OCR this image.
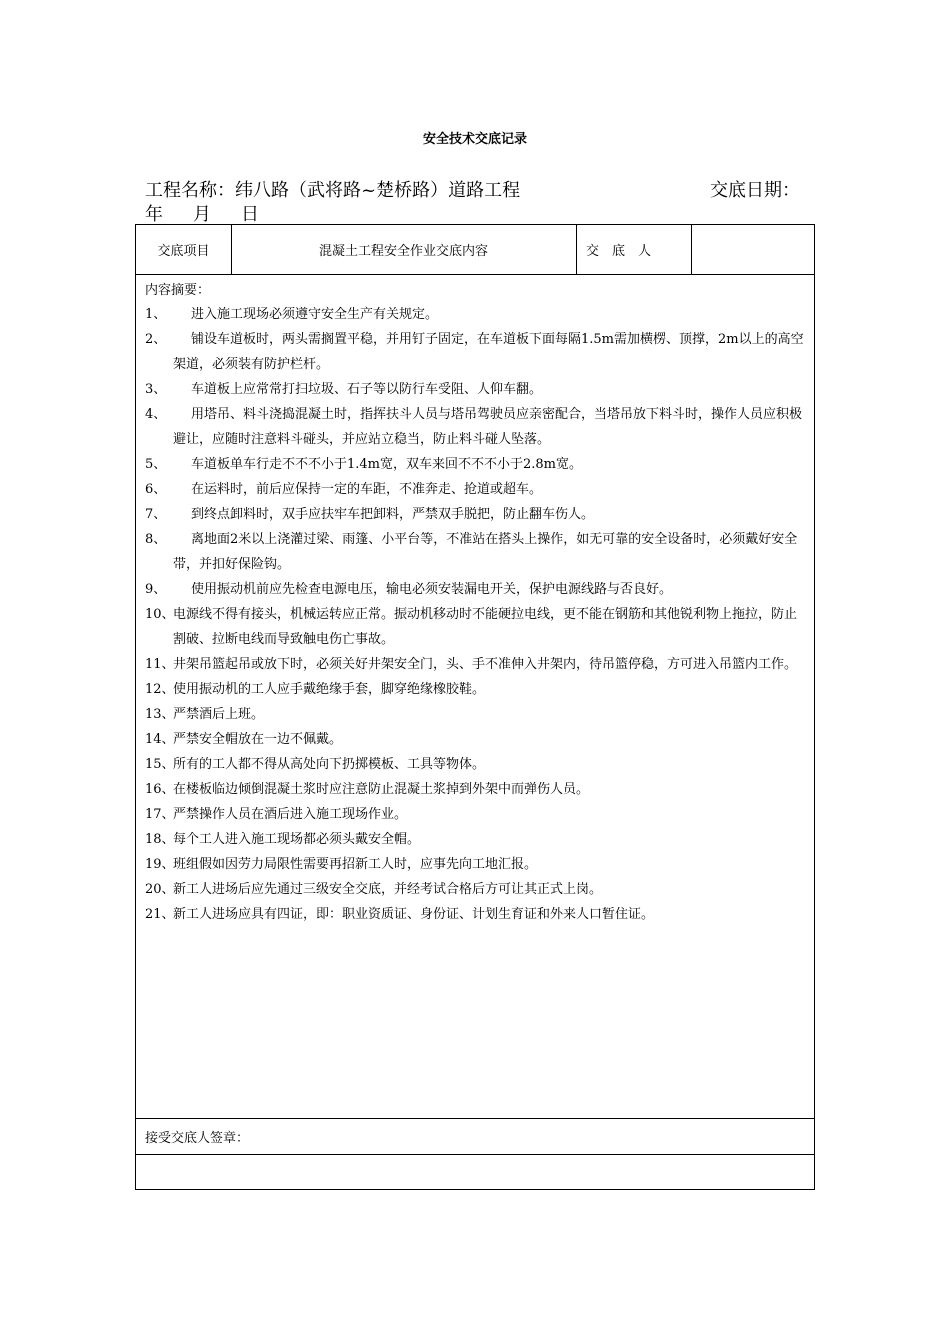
安全技术交底记录
工程名称：纬八路（武将路~楚桥路）道路工程	交底日期：
年 月 日
交底项目	混凝土工程安全作业交底内容	交　底　人
内容摘要：
1、 进入施工现场必须遵守安全生产有关规定。
2、 铺设车道板时，两头需搁置平稳，并用钉子固定，在车道板下面每隔1.5m需加横楞、顶撑，2m以上的高空架道，必须装有防护栏杆。
3、 车道板上应常常打扫垃圾、石子等以防行车受阻、人仰车翻。
4、 用塔吊、料斗浇捣混凝土时，指挥扶斗人员与塔吊驾驶员应亲密配合，当塔吊放下料斗时，操作人员应积极避让，应随时注意料斗碰头，并应站立稳当，防止料斗碰人坠落。
5、 车道板单车行走不不不小于1.4m宽，双车来回不不不小于2.8m宽。
6、 在运料时，前后应保持一定的车距，不准奔走、抢道或超车。
7、 到终点卸料时，双手应扶牢车把卸料，严禁双手脱把，防止翻车伤人。
8、 离地面2米以上浇灌过梁、雨篷、小平台等，不准站在搭头上操作，如无可靠的安全设备时，必须戴好安全带，并扣好保险钩。
9、 使用振动机前应先检查电源电压，输电必须安装漏电开关，保护电源线路与否良好。
10、
电源线不得有接头，机械运转应正常。振动机移动时不能硬拉电线，更不能在钢筋和其他锐利物上拖拉，防止割破、拉断电线而导致触电伤亡事故。
11、
井架吊篮起吊或放下时，必须关好井架安全门，头、手不准伸入井架内，待吊篮停稳，方可进入吊篮内工作。
12、
使用振动机的工人应手戴绝缘手套，脚穿绝缘橡胶鞋。
13、
严禁酒后上班。
14、
严禁安全帽放在一边不佩戴。
15、
所有的工人都不得从高处向下扔掷模板、工具等物体。
16、
在楼板临边倾倒混凝土浆时应注意防止混凝土浆掉到外架中而弹伤人员。
17、
严禁操作人员在酒后进入施工现场作业。
18、
每个工人进入施工现场都必须头戴安全帽。
19、
班组假如因劳力局限性需要再招新工人时，应事先向工地汇报。
20、
新工人进场后应先通过三级安全交底，并经考试合格后方可让其正式上岗。
21、
新工人进场应具有四证，即：职业资质证、身份证、计划生育证和外来人口暂住证。
接受交底人签章：
